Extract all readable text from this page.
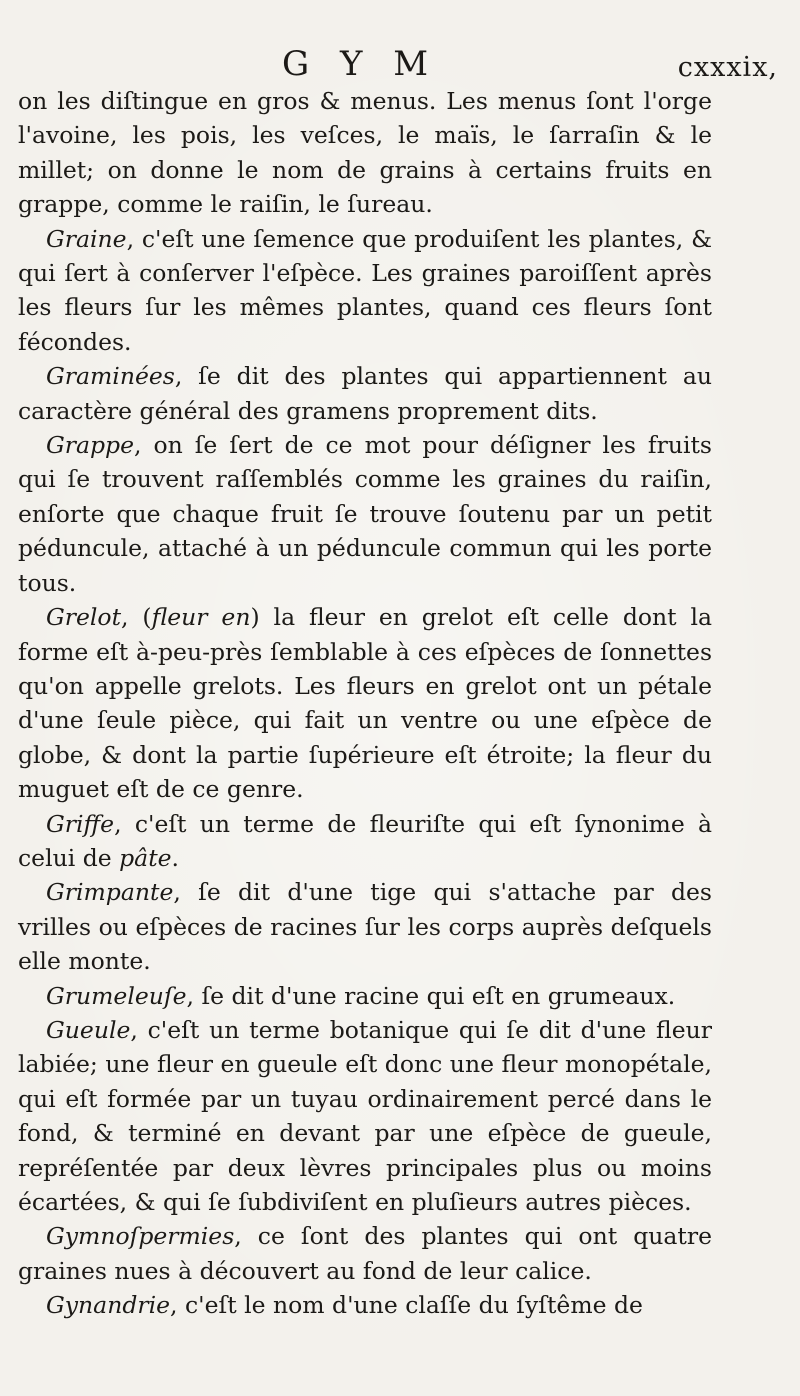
G Y M	cxxxix,

on les diſtingue en gros & menus. Les menus ſont l'orge l'avoine, les pois, les veſces, le maïs, le ſarraſin & le millet; on donne le nom de grains à certains fruits en grappe, comme le raiſin, le ſureau.

Graine, c'eſt une ſemence que produiſent les plantes, & qui ſert à conſerver l'eſpèce. Les graines paroiſſent après les fleurs ſur les mêmes plantes, quand ces fleurs ſont fécondes.

Graminées, ſe dit des plantes qui appartiennent au caractère général des gramens proprement dits.

Grappe, on ſe ſert de ce mot pour déſigner les fruits qui ſe trouvent raſſemblés comme les graines du raiſin, enſorte que chaque fruit ſe trouve ſoutenu par un petit péduncule, attaché à un péduncule commun qui les porte tous.

Grelot, (fleur en) la fleur en grelot eſt celle dont la forme eſt à-peu-près ſemblable à ces eſpèces de ſonnettes qu'on appelle grelots. Les fleurs en grelot ont un pétale d'une ſeule pièce, qui fait un ventre ou une eſpèce de globe, & dont la partie ſupérieure eſt étroite; la fleur du muguet eſt de ce genre.

Griffe, c'eſt un terme de fleuriſte qui eſt ſynonime à celui de pâte.

Grimpante, ſe dit d'une tige qui s'attache par des vrilles ou eſpèces de racines ſur les corps auprès deſquels elle monte.

Grumeleuſe, ſe dit d'une racine qui eſt en grumeaux.

Gueule, c'eſt un terme botanique qui ſe dit d'une fleur labiée; une fleur en gueule eſt donc une fleur monopétale, qui eſt formée par un tuyau ordinairement percé dans le fond, & terminé en devant par une eſpèce de gueule, repréſentée par deux lèvres principales plus ou moins écartées, & qui ſe ſubdiviſent en pluſieurs autres pièces.

Gymnoſpermies, ce ſont des plantes qui ont quatre graines nues à découvert au fond de leur calice.

Gynandrie, c'eſt le nom d'une claſſe du ſyſtême de
